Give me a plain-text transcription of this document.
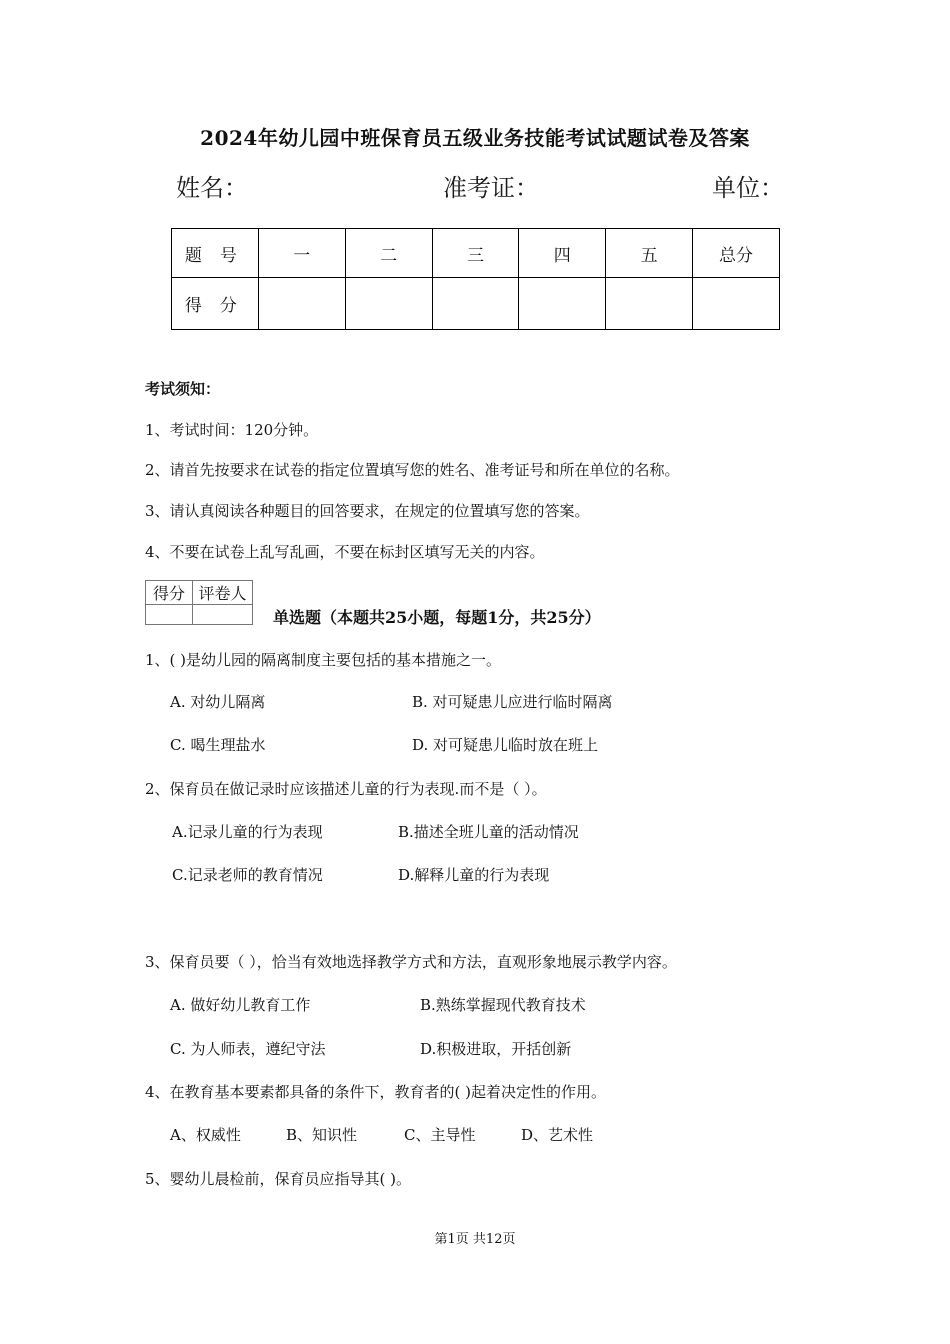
2024年幼儿园中班保育员五级业务技能考试试题试卷及答案
姓名：	准考证：	单位：
题号	一	二	三	四	五	总分
得分						
考试须知：
1、考试时间：120分钟。
2、请首先按要求在试卷的指定位置填写您的姓名、准考证号和所在单位的名称。
3、请认真阅读各种题目的回答要求，在规定的位置填写您的答案。
4、不要在试卷上乱写乱画，不要在标封区填写无关的内容。
得分	评卷人

单选题（本题共25小题，每题1分，共25分）
1、( )是幼儿园的隔离制度主要包括的基本措施之一。
A. 对幼儿隔离	B. 对可疑患儿应进行临时隔离
C. 喝生理盐水	D. 对可疑患儿临时放在班上
2、保育员在做记录时应该描述儿童的行为表现.而不是（ ）。
A.记录儿童的行为表现	B.描述全班儿童的活动情况
C.记录老师的教育情况	D.解释儿童的行为表现
3、保育员要（ ），恰当有效地选择教学方式和方法，直观形象地展示教学内容。
A. 做好幼儿教育工作	B.熟练掌握现代教育技术
C. 为人师表，遵纪守法	D.积极进取，开括创新
4、在教育基本要素都具备的条件下，教育者的( )起着决定性的作用。
A、权威性	B、知识性	C、主导性	D、艺术性
5、婴幼儿晨检前，保育员应指导其( )。
第1页 共12页
